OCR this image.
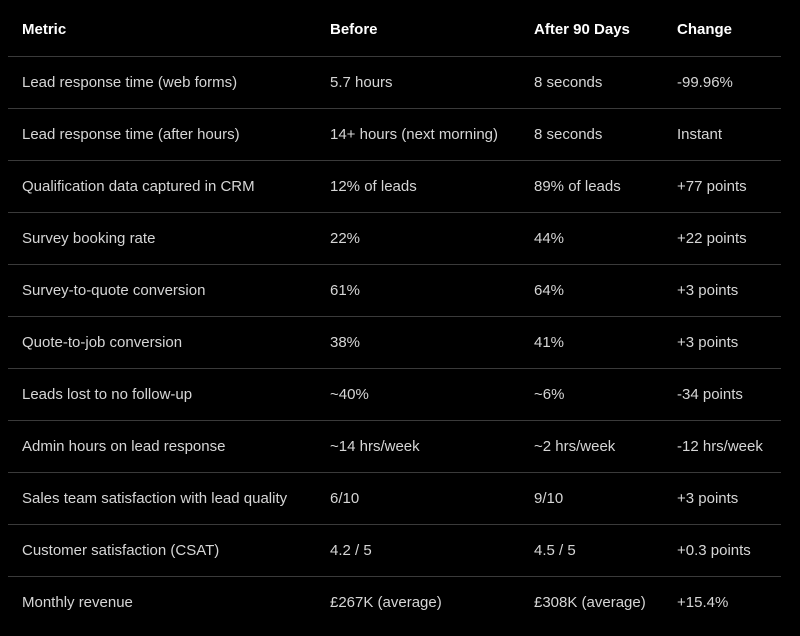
Metric	Before	After 90 Days	Change
Lead response time (web forms)	5.7 hours	8 seconds	-99.96%
Lead response time (after hours)	14+ hours (next morning)	8 seconds	Instant
Qualification data captured in CRM	12% of leads	89% of leads	+77 points
Survey booking rate	22%	44%	+22 points
Survey-to-quote conversion	61%	64%	+3 points
Quote-to-job conversion	38%	41%	+3 points
Leads lost to no follow-up	~40%	~6%	-34 points
Admin hours on lead response	~14 hrs/week	~2 hrs/week	-12 hrs/week
Sales team satisfaction with lead quality	6/10	9/10	+3 points
Customer satisfaction (CSAT)	4.2 / 5	4.5 / 5	+0.3 points
Monthly revenue	£267K (average)	£308K (average)	+15.4%
